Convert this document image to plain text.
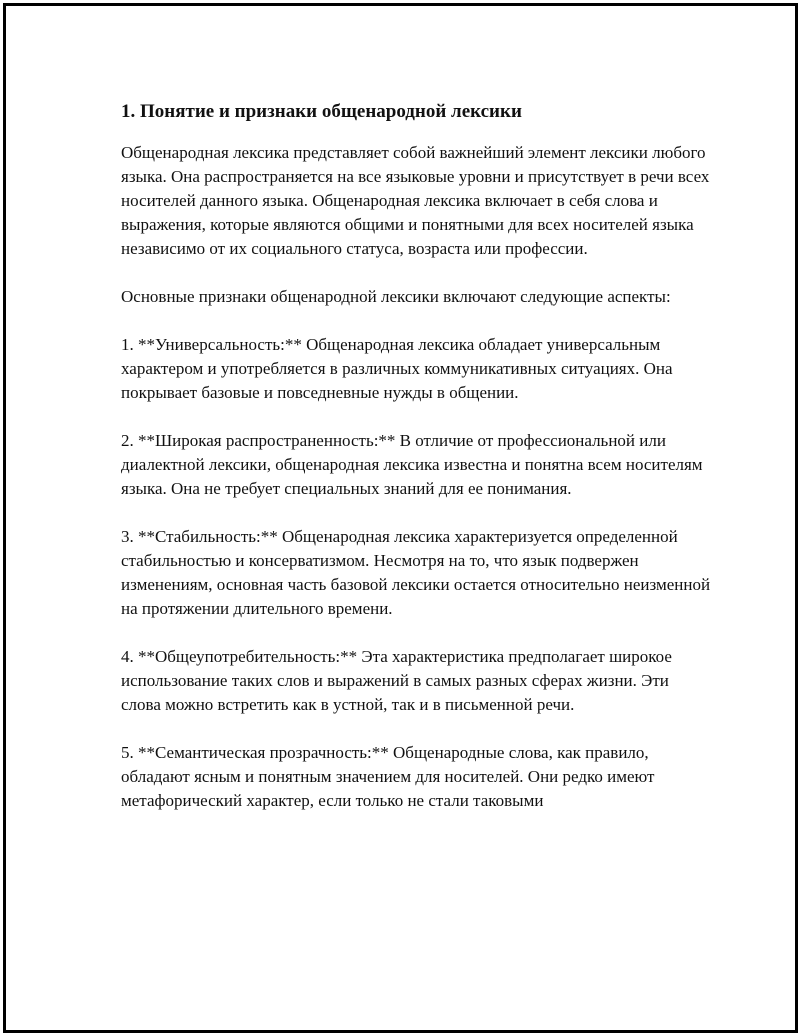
1. Понятие и признаки общенародной лексики

Общенародная лексика представляет собой важнейший элемент лексики любого языка. Она распространяется на все языковые уровни и присутствует в речи всех носителей данного языка. Общенародная лексика включает в себя слова и выражения, которые являются общими и понятными для всех носителей языка независимо от их социального статуса, возраста или профессии.

Основные признаки общенародной лексики включают следующие аспекты:

1. **Универсальность:** Общенародная лексика обладает универсальным характером и употребляется в различных коммуникативных ситуациях. Она покрывает базовые и повседневные нужды в общении.

2. **Широкая распространенность:** В отличие от профессиональной или диалектной лексики, общенародная лексика известна и понятна всем носителям языка. Она не требует специальных знаний для ее понимания.

3. **Стабильность:** Общенародная лексика характеризуется определенной стабильностью и консерватизмом. Несмотря на то, что язык подвержен изменениям, основная часть базовой лексики остается относительно неизменной на протяжении длительного времени.

4. **Общеупотребительность:** Эта характеристика предполагает широкое использование таких слов и выражений в самых разных сферах жизни. Эти слова можно встретить как в устной, так и в письменной речи.

5. **Семантическая прозрачность:** Общенародные слова, как правило, обладают ясным и понятным значением для носителей. Они редко имеют метафорический характер, если только не стали таковыми
